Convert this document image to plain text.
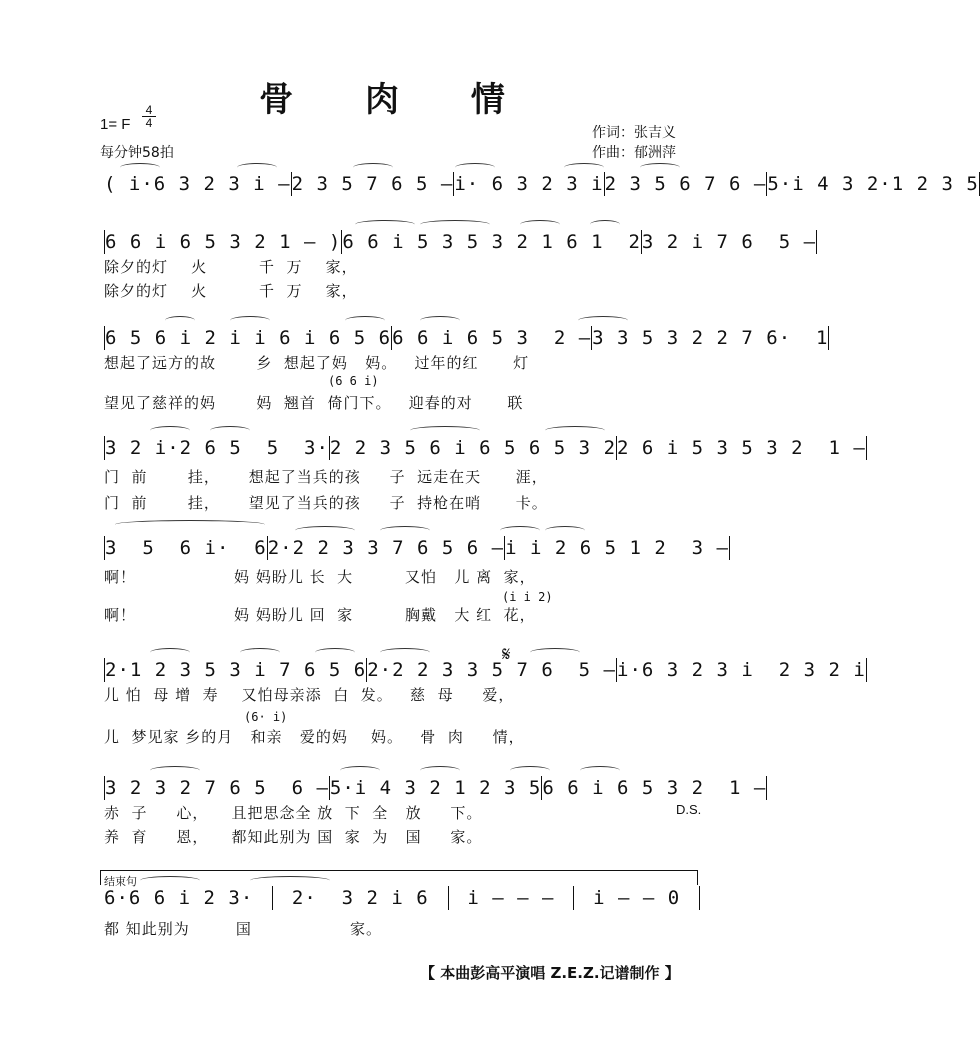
骨 肉 情
1= F
4
4
每分钟58拍
作词：张吉义
作曲：郁洲萍
( i·6 3 2 3 i – 2 3 5 7 6 5 – i· 6 3 2 3 i 2 3 5 6 7 6 – 5·i 4 3 2·1 2 3 5
6 6 i 6 5 3 2 1 – ) 6 6 i 5 3 5 3 2 1 6 1  2 3 2 i 7 6  5 –
除夕的灯    火         千  万    家，
除夕的灯    火         千  万    家，
6 5 6 i 2 i i 6 i 6 5 6 6 6 i 6 5 3  2 – 3 3 5 3 2 2 7 6·  1
想起了远方的故       乡  想起了妈   妈。   过年的红      灯
望见了慈祥的妈       妈  翘首  倚门下。   迎春的对      联
3 2 i·2 6 5  5  3· 2 2 3 5 6 i 6 5 6 5 3 2 2 6 i 5 3 5 3 2  1 –
门  前       挂，     想起了当兵的孩     子  远走在天      涯，
门  前       挂，     望见了当兵的孩     子  持枪在哨      卡。
3  5  6 i·  6 2·2 2 3 3 7 6 5 6 – i i 2 6 5 1 2  3 –
啊！                 妈 妈盼儿 长  大         又怕   儿 离  家，
啊！                 妈 妈盼儿 回  家         胸戴   大 红  花，
2·1 2 3 5 3 i 7 6 5 6 2·2 2 3 3 5 7 6  5 – i·6 3 2 3 i  2 3 2 i
儿 怕  母 增  寿    又怕母亲添  白  发。   慈  母     爱，
儿  梦见家 乡的月   和亲   爱的妈    妈。   骨  肉     情，
3 2 3 2 7 6 5  6 – 5·i 4 3 2 1 2 3 5 6 6 i 6 5 3 2  1 –
赤  子     心，    且把思念全 放  下  全   放     下。
养  育     恩，    都知此别为 国  家  为   国     家。
6·6 6 i 2 3· 2·  3 2 i 6 i – – – i – – 0
都 知此别为        国                 家。
𝄋
(6 6 i)
(i i 2)
(6· i)
D.S.
结束句
【 本曲彭高平演唱 Z.E.Z.记谱制作 】
